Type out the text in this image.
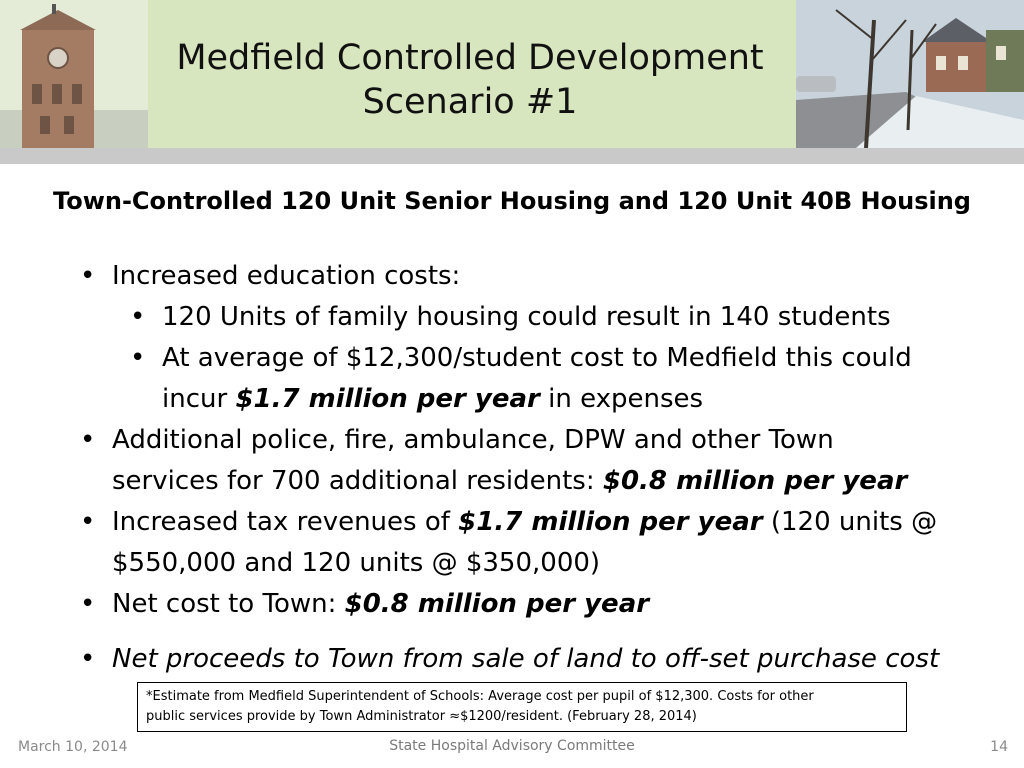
Medfield Controlled Development
Scenario #1
Town-Controlled 120 Unit Senior Housing and 120 Unit 40B Housing
• Increased education costs:
• 120 Units of family housing could result in 140 students
• At average of $12,300/student cost to Medfield this could
incur $1.7 million per year in expenses
• Additional police, fire, ambulance, DPW and other Town
services for 700 additional residents: $0.8 million per year
• Increased tax revenues of $1.7 million per year (120 units @
$550,000 and 120 units @ $350,000)
• Net cost to Town: $0.8 million per year
• Net proceeds to Town from sale of land to off-set purchase cost
*Estimate from Medfield Superintendent of Schools: Average cost per pupil of $12,300. Costs for other
public services provide by Town Administrator ≈$1200/resident. (February 28, 2014)
March 10, 2014	State Hospital Advisory Committee	14
